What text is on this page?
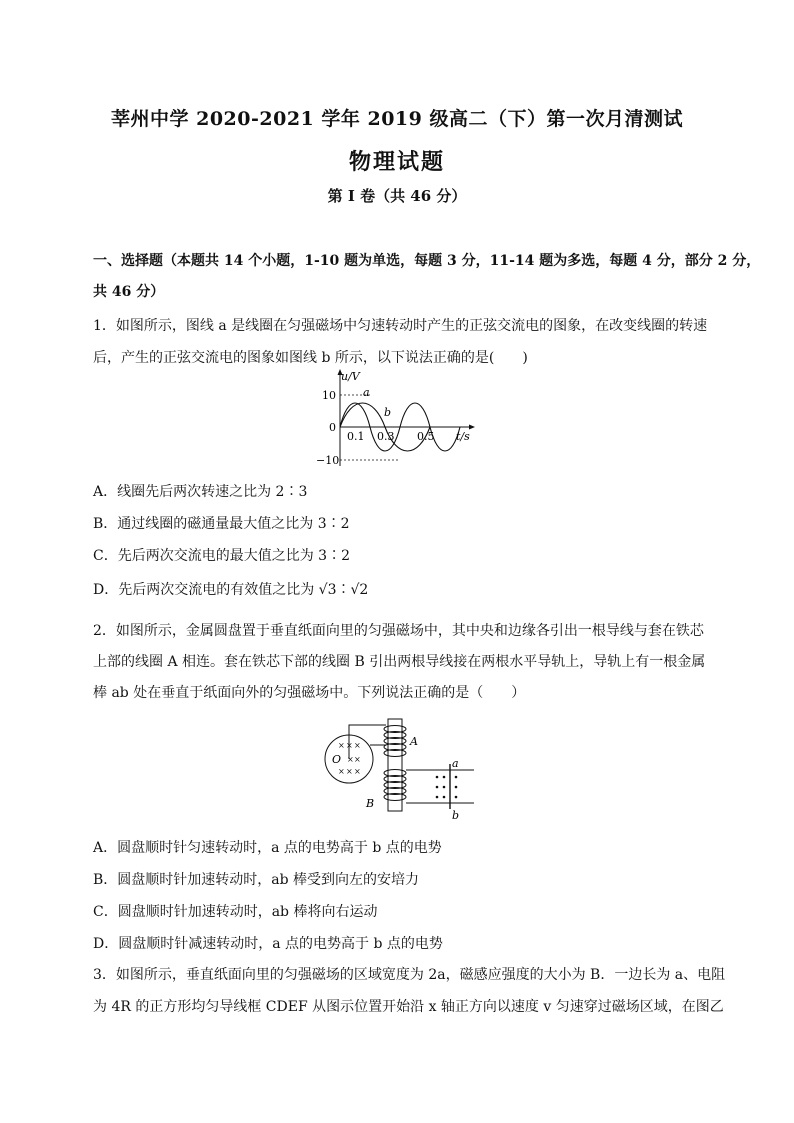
莘州中学 2020-2021 学年 2019 级高二（下）第一次月清测试
物理试题
第 I 卷（共 46 分）
一、选择题（本题共 14 个小题，1-10 题为单选，每题 3 分，11-14 题为多选，每题 4 分，部分 2 分，
共 46 分）
1．如图所示，图线 a 是线圈在匀强磁场中匀速转动时产生的正弦交流电的图象，在改变线圈的转速
后，产生的正弦交流电的图象如图线 b 所示，以下说法正确的是(　　)
u/V
10
0
−10
0.1 0.3 0.5 t/s
a
b
A．线圈先后两次转速之比为 2∶3
B．通过线圈的磁通量最大值之比为 3∶2
C．先后两次交流电的最大值之比为 3∶2
D．先后两次交流电的有效值之比为 √3∶√2
2．如图所示，金属圆盘置于垂直纸面向里的匀强磁场中，其中央和边缘各引出一根导线与套在铁芯
上部的线圈 A 相连。套在铁芯下部的线圈 B 引出两根导线接在两根水平导轨上，导轨上有一根金属
棒 ab 处在垂直于纸面向外的匀强磁场中。下列说法正确的是（　　）
× × ×
× ×
× × ×
O
A
B
a
b
A．圆盘顺时针匀速转动时，a 点的电势高于 b 点的电势
B．圆盘顺时针加速转动时，ab 棒受到向左的安培力
C．圆盘顺时针加速转动时，ab 棒将向右运动
D．圆盘顺时针减速转动时，a 点的电势高于 b 点的电势
3．如图所示，垂直纸面向里的匀强磁场的区域宽度为 2a，磁感应强度的大小为 B．一边长为 a、电阻
为 4R 的正方形均匀导线框 CDEF 从图示位置开始沿 x 轴正方向以速度 v 匀速穿过磁场区域，在图乙
